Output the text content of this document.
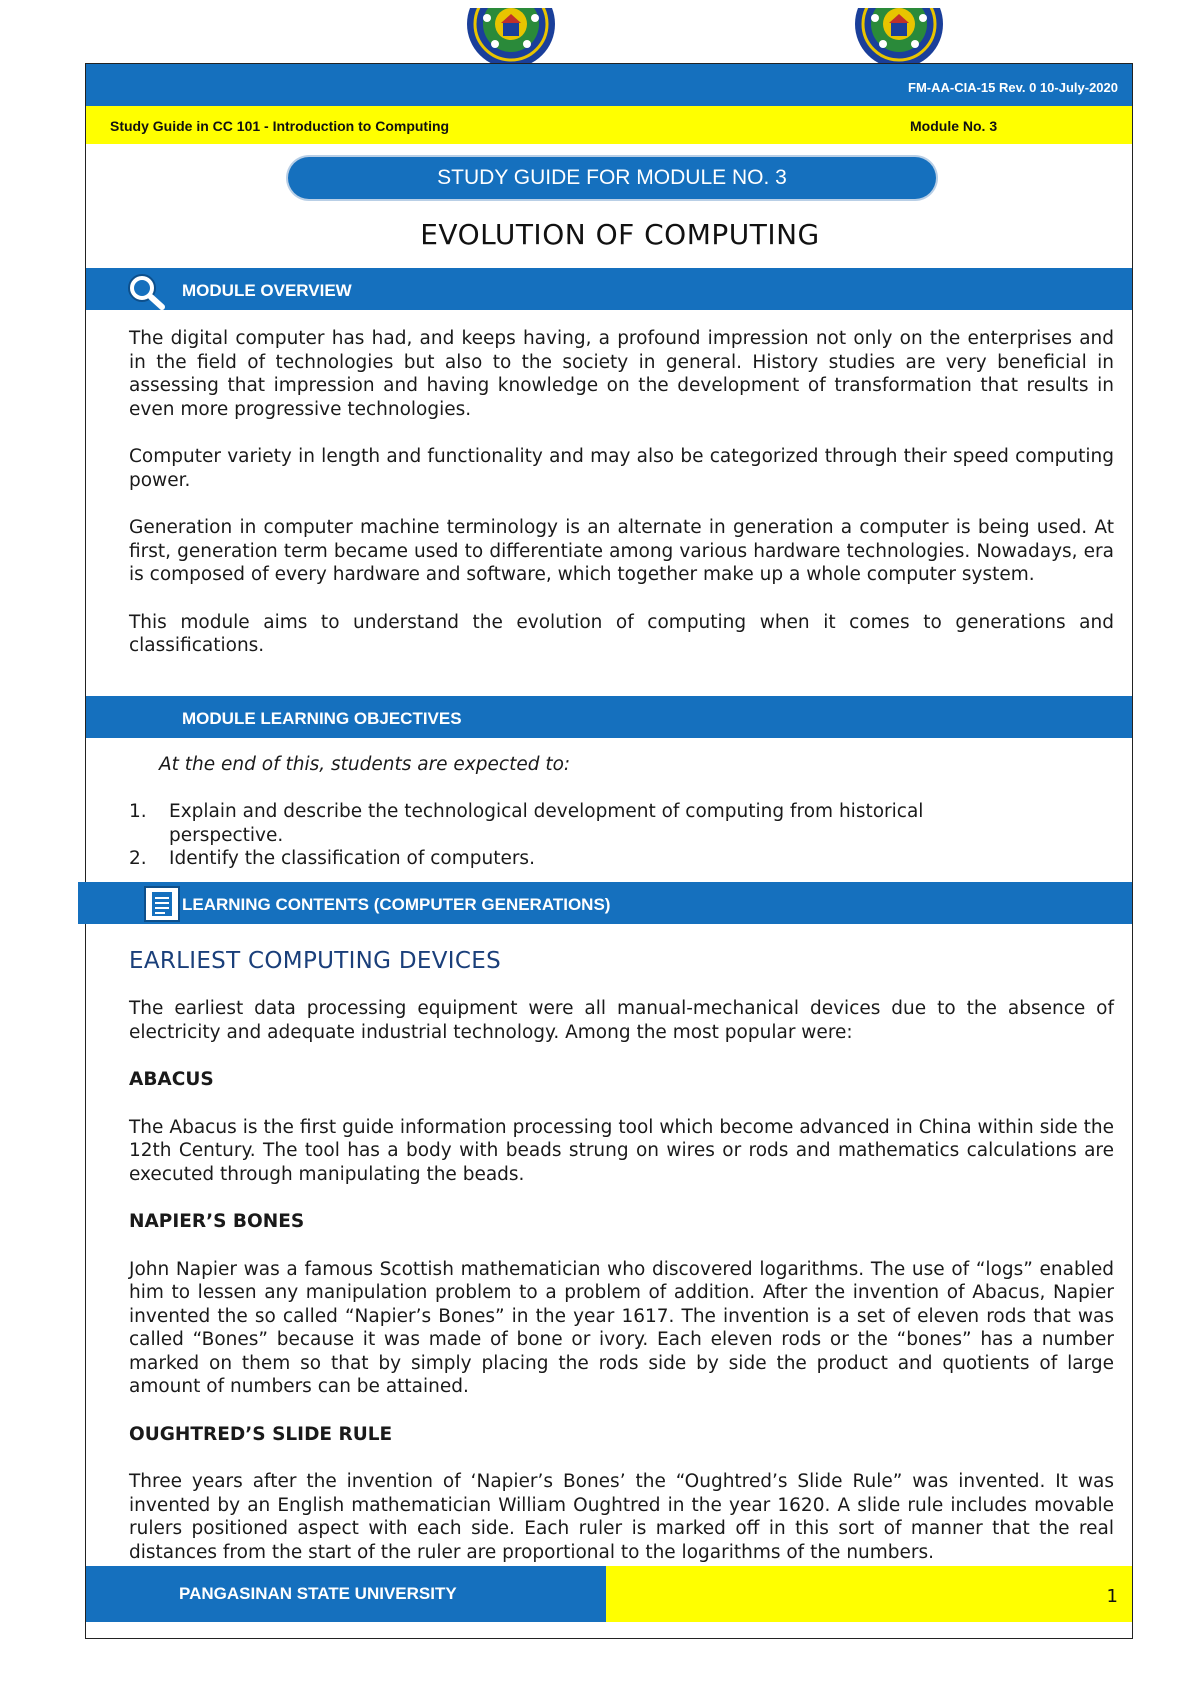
FM-AA-CIA-15 Rev. 0 10-July-2020
Study Guide in CC 101 - Introduction to Computing	Module No. 3
STUDY GUIDE FOR MODULE NO. 3
EVOLUTION OF COMPUTING
MODULE OVERVIEW

The digital computer has had, and keeps having, a profound impression not only on the enterprises and in the field of technologies but also to the society in general. History studies are very beneficial in assessing that impression and having knowledge on the development of transformation that results in even more progressive technologies.

Computer variety in length and functionality and may also be categorized through their speed computing power.

Generation in computer machine terminology is an alternate in generation a computer is being used. At first, generation term became used to differentiate among various hardware technologies. Nowadays, era is composed of every hardware and software, which together make up a whole computer system.

This module aims to understand the evolution of computing when it comes to generations and classifications.

MODULE LEARNING OBJECTIVES
At the end of this, students are expected to:
1. Explain and describe the technological development of computing from historical perspective.
2. Identify the classification of computers.
LEARNING CONTENTS (COMPUTER GENERATIONS)
EARLIEST COMPUTING DEVICES

The earliest data processing equipment were all manual-mechanical devices due to the absence of electricity and adequate industrial technology. Among the most popular were:

ABACUS

The Abacus is the first guide information processing tool which become advanced in China within side the 12th Century. The tool has a body with beads strung on wires or rods and mathematics calculations are executed through manipulating the beads.

NAPIER’S BONES

John Napier was a famous Scottish mathematician who discovered logarithms. The use of “logs” enabled him to lessen any manipulation problem to a problem of addition. After the invention of Abacus, Napier invented the so called “Napier’s Bones” in the year 1617. The invention is a set of eleven rods that was called “Bones” because it was made of bone or ivory. Each eleven rods or the “bones” has a number marked on them so that by simply placing the rods side by side the product and quotients of large amount of numbers can be attained.

OUGHTRED’S SLIDE RULE

Three years after the invention of ‘Napier’s Bones’ the “Oughtred’s Slide Rule” was invented. It was invented by an English mathematician William Oughtred in the year 1620. A slide rule includes movable rulers positioned aspect with each side. Each ruler is marked off in this sort of manner that the real distances from the start of the ruler are proportional to the logarithms of the numbers.

PANGASINAN STATE UNIVERSITY	1
